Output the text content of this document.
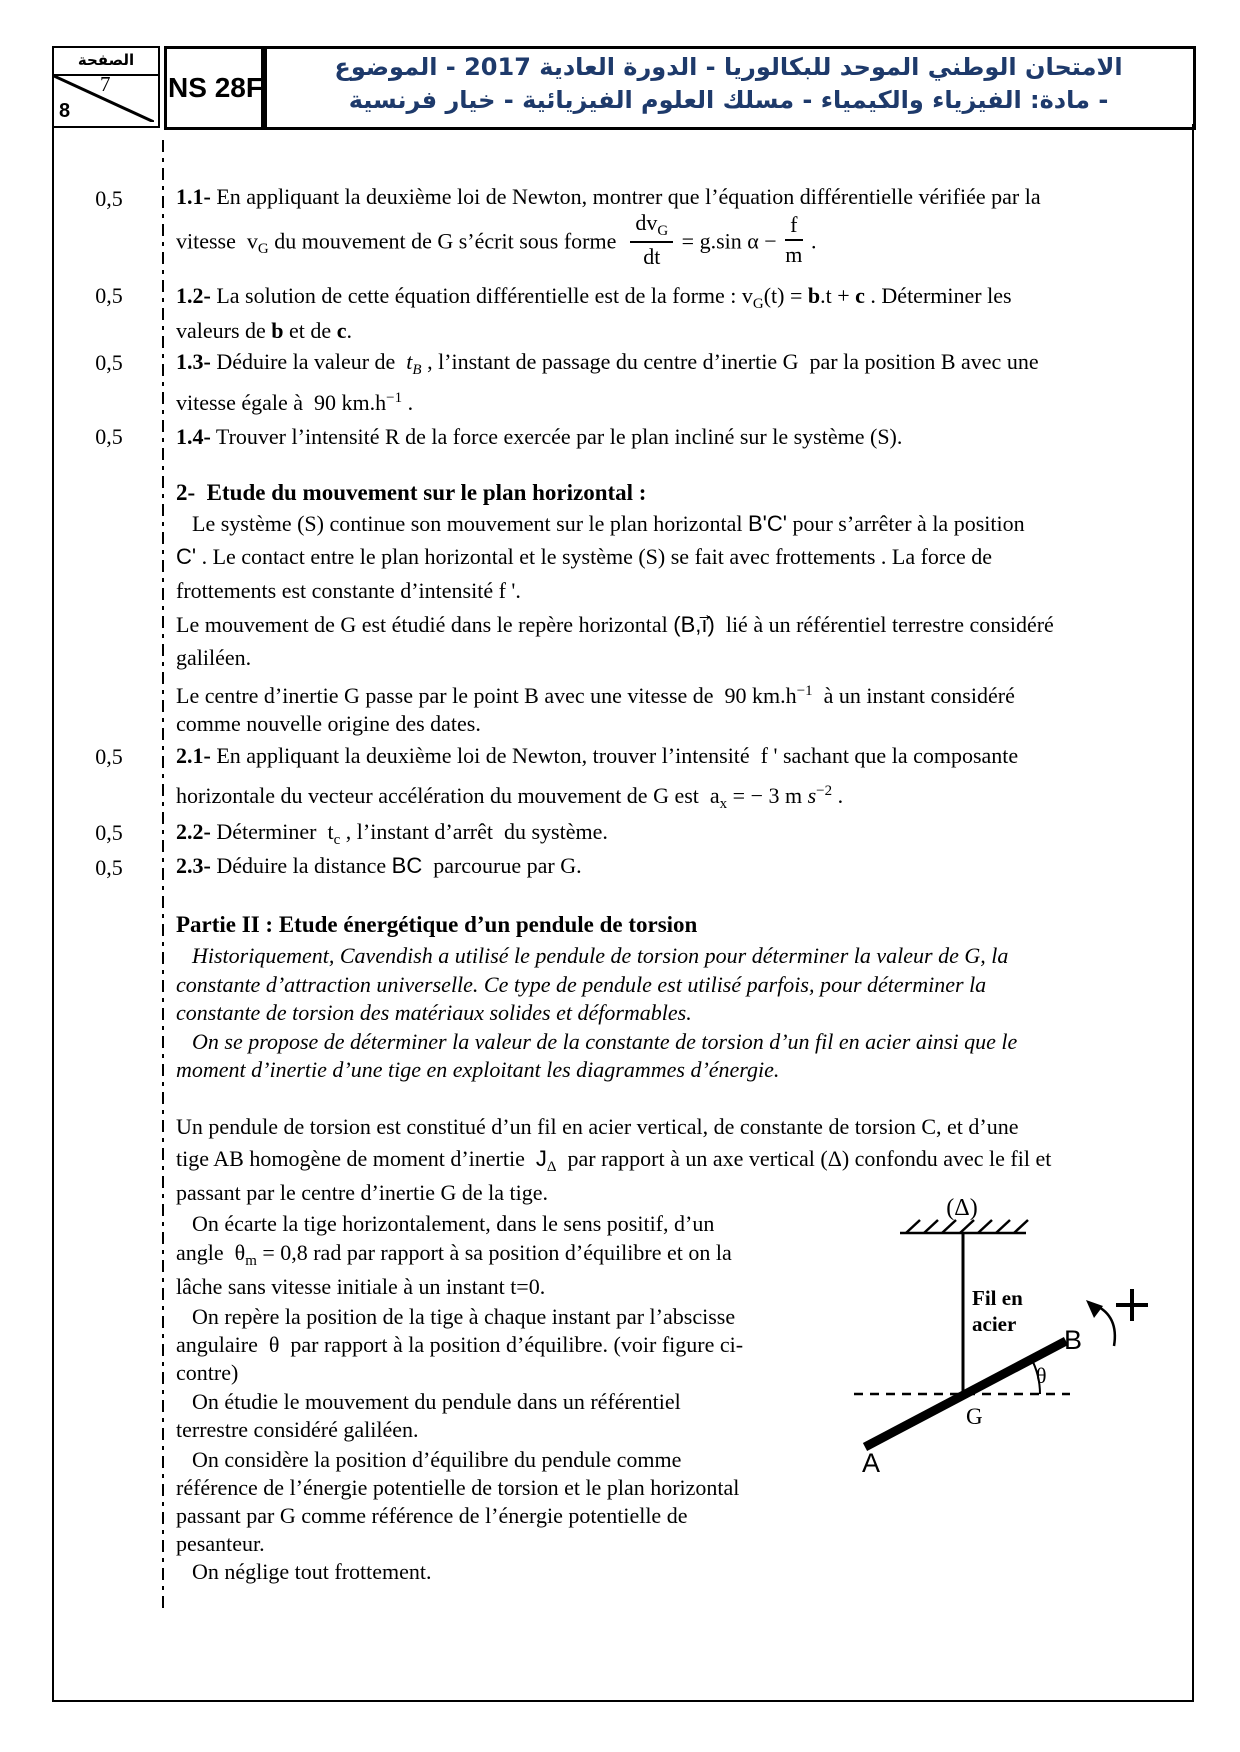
الصفحة
7
8
NS 28F
الامتحان الوطني الموحد للبكالوريا - الدورة العادية 2017 - الموضوع
- مادة: الفيزياء والكيمياء - مسلك العلوم الفيزيائية - خيار فرنسية
0,5
0,5
0,5
0,5
0,5
0,5
0,5
1.1- En appliquant la deuxième loi de Newton, montrer que l’équation différentielle vérifiée par la
vitesse  $v_G$ du mouvement de G s’écrit sous forme $\frac{dv_G}{dt} = g.\sin$ $\alpha - \frac{f}{m}$ .
1.2- La solution de cette équation différentielle est de la forme : $v_G(t) = b.t + c$ . Déterminer les
valeurs de b et de c.
1.3- Déduire la valeur de  $t_B$ , l’instant de passage du centre d’inertie G  par la position B avec une
vitesse égale à  90 $km.h^{-1}$ .
1.4- Trouver l’intensité R de la force exercée par le plan incliné sur le système (S).
2-  Etude du mouvement sur le plan horizontal :
Le système (S) continue son mouvement sur le plan horizontal B'C' pour s’arrêter à la position
C' . Le contact entre le plan horizontal et le système (S) se fait avec frottements . La force de
frottements est constante d’intensité f '.
Le mouvement de G est étudié dans le repère horizontal (B,i⃗)  lié à un référentiel terrestre considéré
galiléen.
Le centre d’inertie G passe par le point B avec une vitesse de  90 $km.h^{-1}$  à un instant considéré
comme nouvelle origine des dates.
2.1- En appliquant la deuxième loi de Newton, trouver l’intensité  f ' sachant que la composante
horizontale du vecteur accélération du mouvement de G est  $a_x$ = − 3 m $s^{-2}$ .
2.2- Déterminer  $t_c$ , l’instant d’arrêt  du système.
2.3- Déduire la distance BC  parcourue par G.
Partie II : Etude énergétique d’un pendule de torsion
Historiquement, Cavendish a utilisé le pendule de torsion pour déterminer la valeur de G, la
constante d’attraction universelle. Ce type de pendule est utilisé parfois, pour déterminer la
constante de torsion des matériaux solides et déformables.
On se propose de déterminer la valeur de la constante de torsion d’un fil en acier ainsi que le
moment d’inertie d’une tige en exploitant les diagrammes d’énergie.
Un pendule de torsion est constitué d’un fil en acier vertical, de constante de torsion C, et d’une
tige AB homogène de moment d’inertie  $J_\Delta$  par rapport à un axe vertical (Δ) confondu avec le fil et
passant par le centre d’inertie G de la tige.
On écarte la tige horizontalement, dans le sens positif, d’un
angle  $\theta_m = 0,8$ rad par rapport à sa position d’équilibre et on la
lâche sans vitesse initiale à un instant t=0.
On repère la position de la tige à chaque instant par l’abscisse
angulaire  θ  par rapport à la position d’équilibre. (voir figure ci-
contre)
On étudie le mouvement du pendule dans un référentiel
terrestre considéré galiléen.
On considère la position d’équilibre du pendule comme
référence de l’énergie potentielle de torsion et le plan horizontal
passant par G comme référence de l’énergie potentielle de
pesanteur.
On néglige tout frottement.
(Δ)
Fil en
acier
θ
G
A
B
